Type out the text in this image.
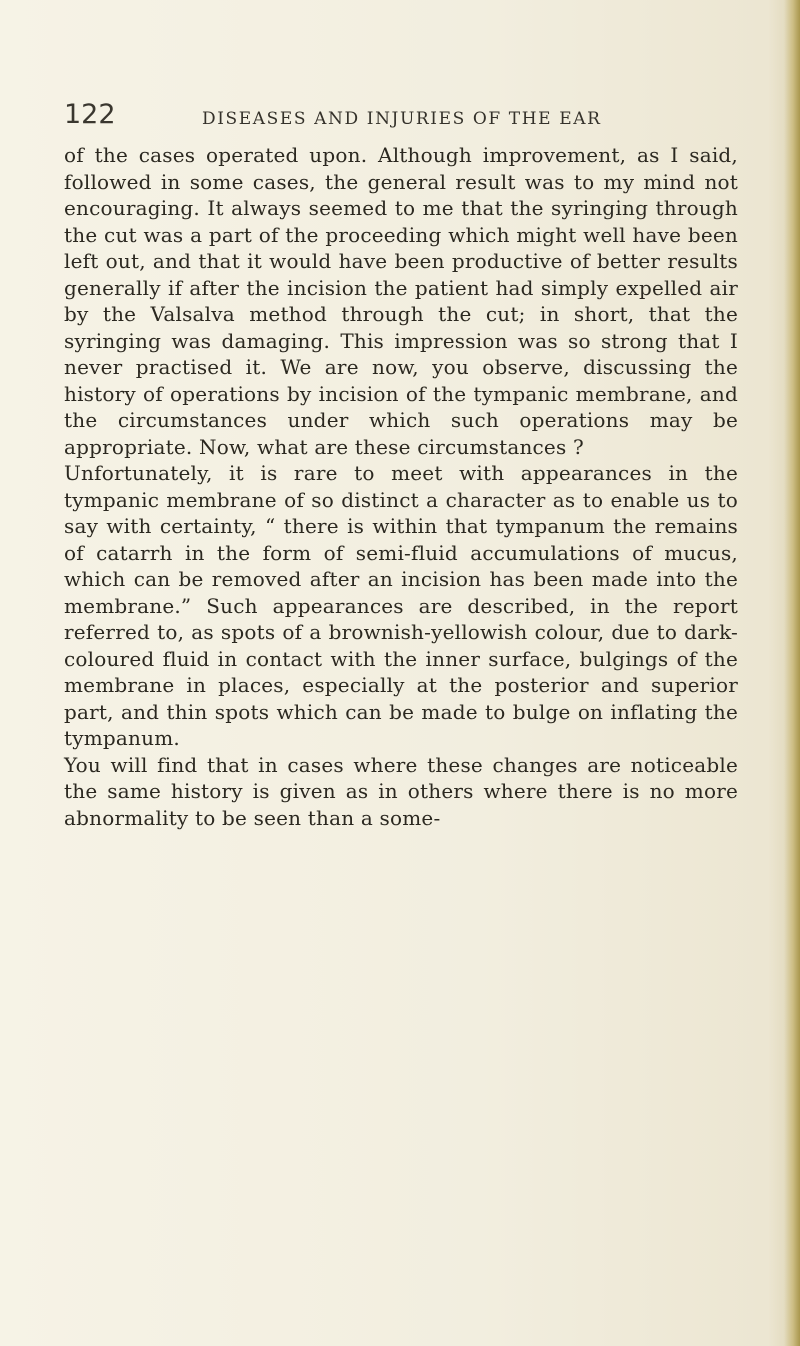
122	DISEASES AND INJURIES OF THE EAR

of the cases operated upon. Although improvement, as I said, followed in some cases, the general result was to my mind not encouraging. It always seemed to me that the syringing through the cut was a part of the proceeding which might well have been left out, and that it would have been productive of better results generally if after the incision the patient had simply expelled air by the Valsalva method through the cut; in short, that the syringing was damaging. This impression was so strong that I never practised it. We are now, you observe, discussing the history of operations by incision of the tympanic membrane, and the circumstances under which such operations may be appropriate. Now, what are these circumstances ?

Unfortunately, it is rare to meet with appearances in the tympanic membrane of so distinct a character as to enable us to say with certainty, “ there is within that tympanum the remains of catarrh in the form of semi-fluid accumulations of mucus, which can be removed after an incision has been made into the membrane.” Such appearances are described, in the report referred to, as spots of a brownish-yellowish colour, due to dark-coloured fluid in contact with the inner surface, bulgings of the membrane in places, especially at the posterior and superior part, and thin spots which can be made to bulge on inflating the tympanum.

You will find that in cases where these changes are noticeable the same history is given as in others where there is no more abnormality to be seen than a some-
